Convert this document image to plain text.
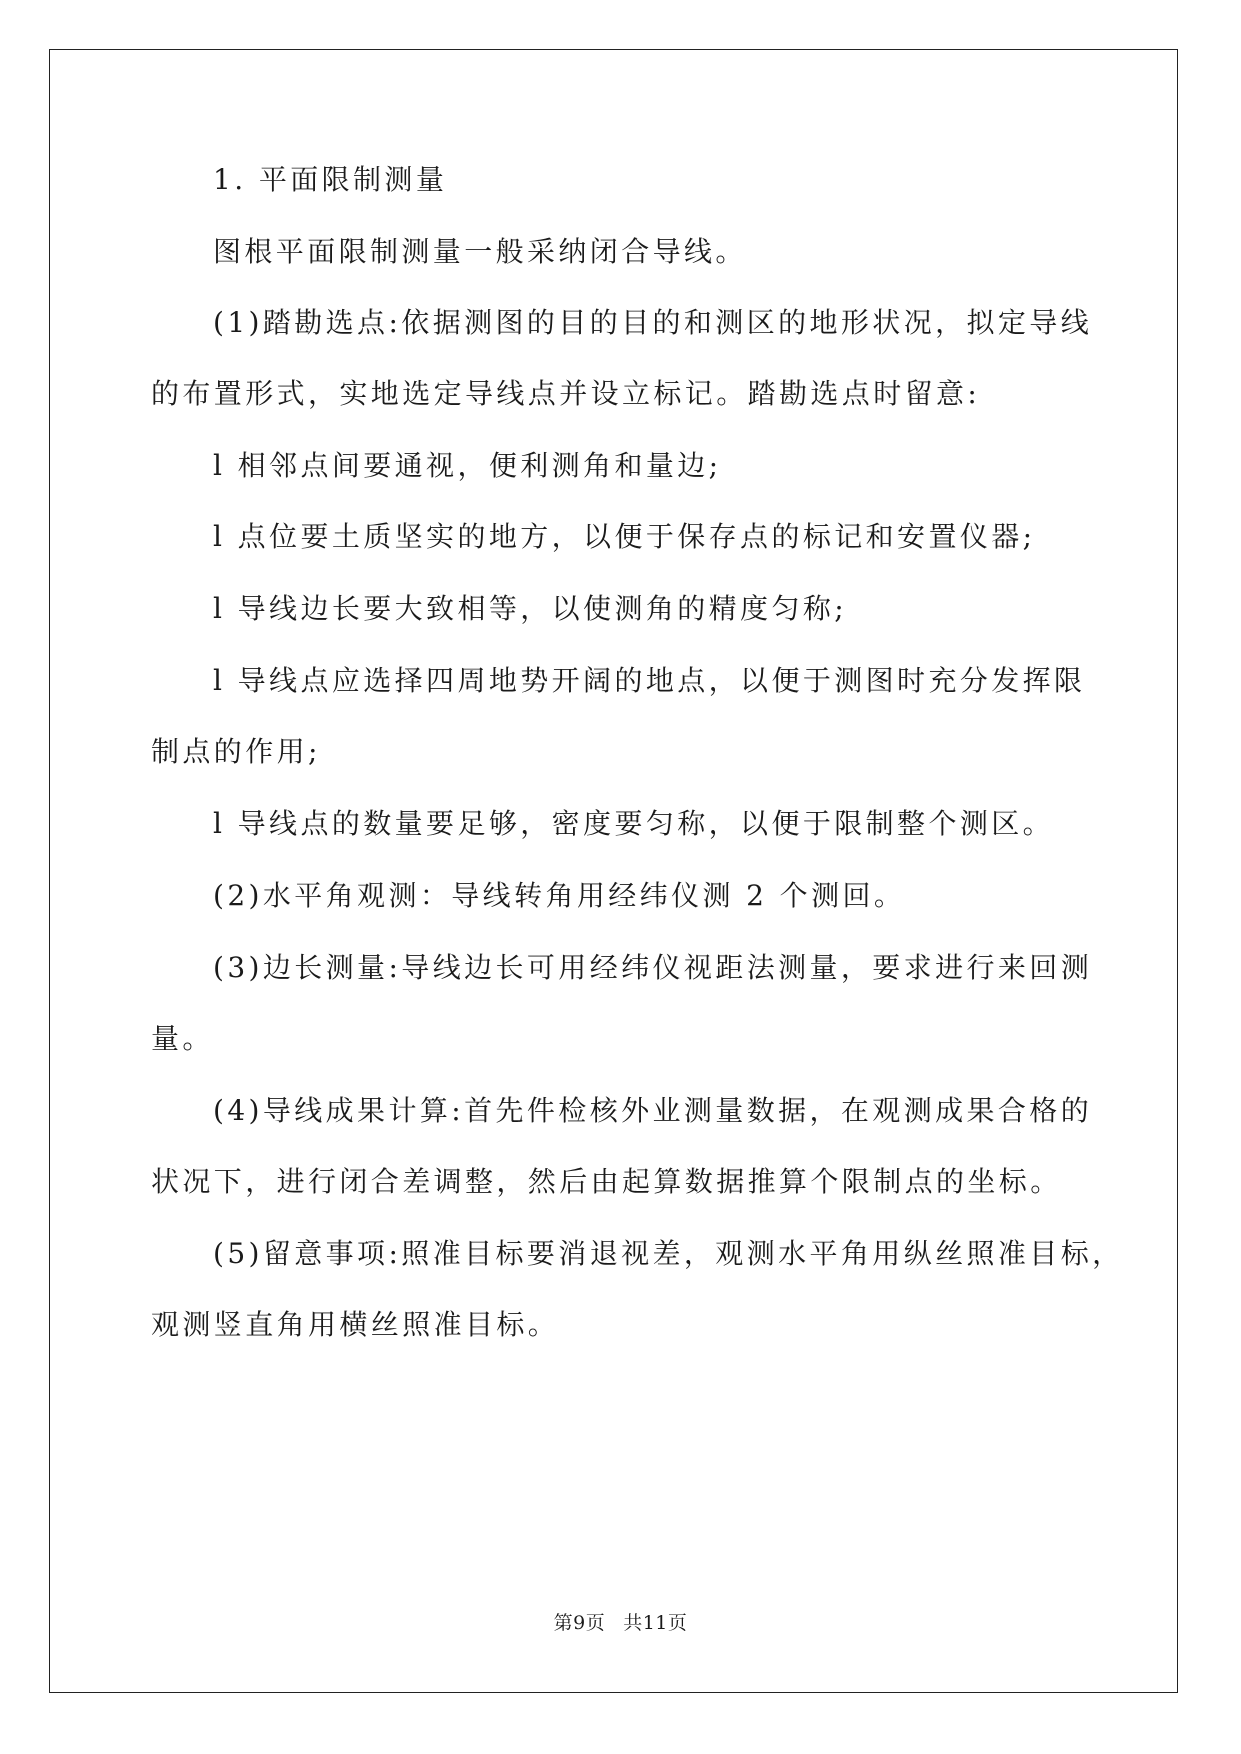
1. 平面限制测量
图根平面限制测量一般采纳闭合导线。
(1)踏勘选点:依据测图的目的目的和测区的地形状况，拟定导线
的布置形式，实地选定导线点并设立标记。踏勘选点时留意:
l 相邻点间要通视，便利测角和量边;
l 点位要土质坚实的地方，以便于保存点的标记和安置仪器;
l 导线边长要大致相等，以使测角的精度匀称;
l 导线点应选择四周地势开阔的地点，以便于测图时充分发挥限
制点的作用;
l 导线点的数量要足够，密度要匀称，以便于限制整个测区。
(2)水平角观测：导线转角用经纬仪测 2 个测回。
(3)边长测量:导线边长可用经纬仪视距法测量，要求进行来回测
量。
(4)导线成果计算:首先件检核外业测量数据，在观测成果合格的
状况下，进行闭合差调整，然后由起算数据推算个限制点的坐标。
(5)留意事项:照准目标要消退视差，观测水平角用纵丝照准目标，
观测竖直角用横丝照准目标。
第9页 共11页
